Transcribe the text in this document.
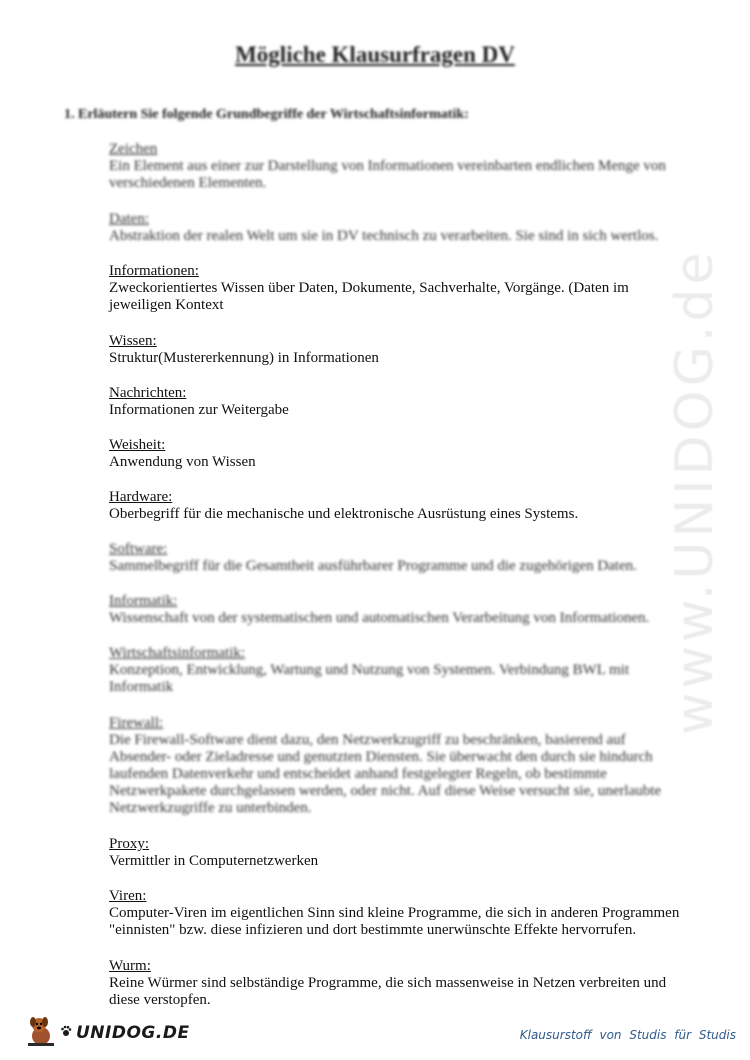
www.UNIDOG.de
Mögliche Klausurfragen DV
1. Erläutern Sie folgende Grundbegriffe der Wirtschaftsinformatik:
Zeichen
Ein Element aus einer zur Darstellung von Informationen vereinbarten endlichen Menge von verschiedenen Elementen.
Daten:
Abstraktion der realen Welt um sie in DV technisch zu verarbeiten. Sie sind in sich wertlos.
Informationen:
Zweckorientiertes Wissen über Daten, Dokumente, Sachverhalte, Vorgänge. (Daten im jeweiligen Kontext
Wissen:
Struktur(Mustererkennung) in Informationen
Nachrichten:
Informationen zur Weitergabe
Weisheit:
Anwendung von Wissen
Hardware:
Oberbegriff für die mechanische und elektronische Ausrüstung eines Systems.
Software:
Sammelbegriff für die Gesamtheit ausführbarer Programme und die zugehörigen Daten.
Informatik:
Wissenschaft von der systematischen und automatischen Verarbeitung von Informationen.
Wirtschaftsinformatik:
Konzeption, Entwicklung, Wartung und Nutzung von Systemen. Verbindung BWL mit Informatik
Firewall:
Die Firewall-Software dient dazu, den Netzwerkzugriff zu beschränken, basierend auf Absender- oder Zieladresse und genutzten Diensten. Sie überwacht den durch sie hindurch laufenden Datenverkehr und entscheidet anhand festgelegter Regeln, ob bestimmte Netzwerkpakete durchgelassen werden, oder nicht. Auf diese Weise versucht sie, unerlaubte Netzwerkzugriffe zu unterbinden.
Proxy:
Vermittler in Computernetzwerken
Viren:
Computer-Viren im eigentlichen Sinn sind kleine Programme, die sich in anderen Programmen "einnisten" bzw. diese infizieren und dort bestimmte unerwünschte Effekte hervorrufen.
Wurm:
Reine Würmer sind selbständige Programme, die sich massenweise in Netzen verbreiten und diese verstopfen.
UNIDOG.DE	Klausurstoff von Studis für Studis
